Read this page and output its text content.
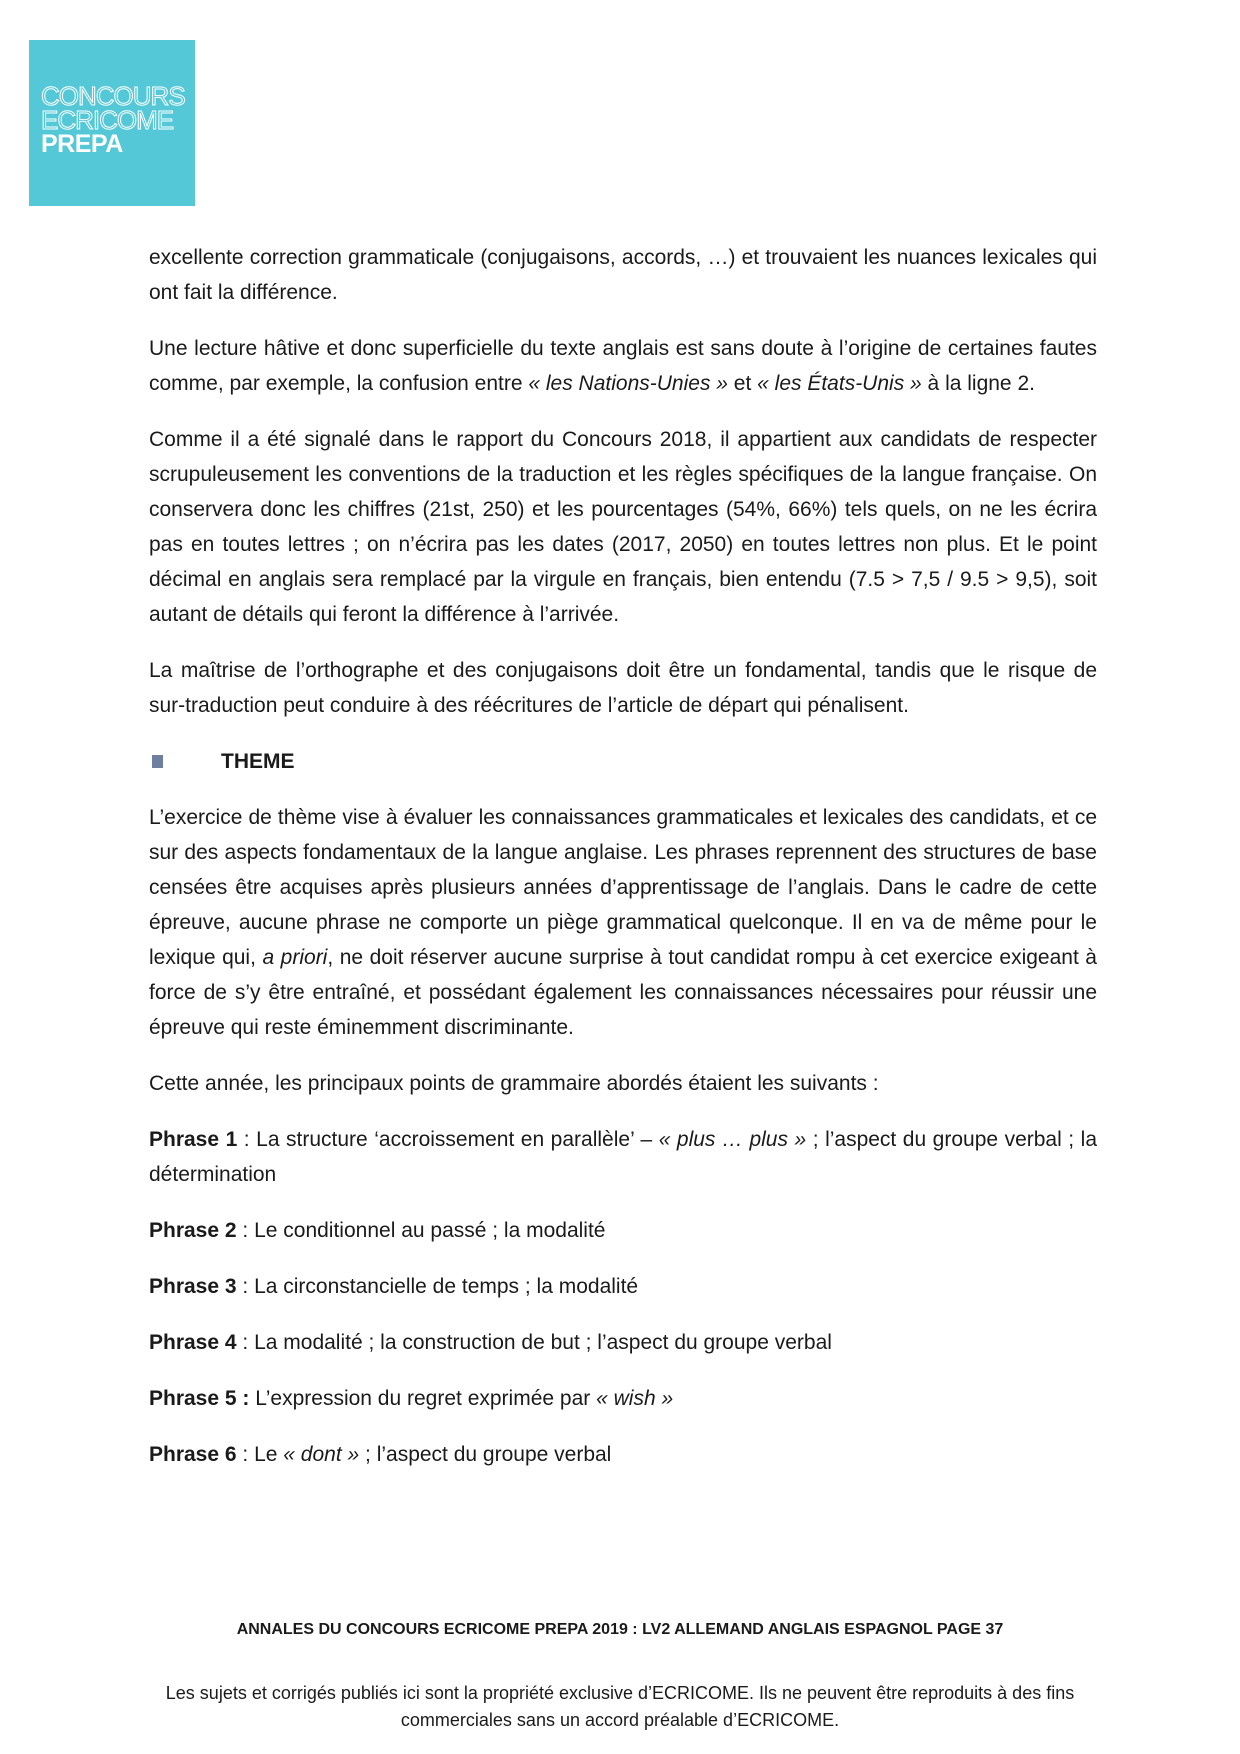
CONCOURS
ECRICOME
PREPA

excellente correction grammaticale (conjugaisons, accords, …) et trouvaient les nuances lexicales qui ont fait la différence.

Une lecture hâtive et donc superficielle du texte anglais est sans doute à l’origine de certaines fautes comme, par exemple, la confusion entre « les Nations-Unies » et « les États-Unis » à la ligne 2.

Comme il a été signalé dans le rapport du Concours 2018, il appartient aux candidats de respecter scrupuleusement les conventions de la traduction et les règles spécifiques de la langue française. On conservera donc les chiffres (21st, 250) et les pourcentages (54%, 66%) tels quels, on ne les écrira pas en toutes lettres ; on n’écrira pas les dates (2017, 2050) en toutes lettres non plus. Et le point décimal en anglais sera remplacé par la virgule en français, bien entendu (7.5 > 7,5 / 9.5 > 9,5), soit autant de détails qui feront la différence à l’arrivée.

La maîtrise de l’orthographe et des conjugaisons doit être un fondamental, tandis que le risque de sur-traduction peut conduire à des réécritures de l’article de départ qui pénalisent.

THEME

L’exercice de thème vise à évaluer les connaissances grammaticales et lexicales des candidats, et ce sur des aspects fondamentaux de la langue anglaise. Les phrases reprennent des structures de base censées être acquises après plusieurs années d’apprentissage de l’anglais. Dans le cadre de cette épreuve, aucune phrase ne comporte un piège grammatical quelconque. Il en va de même pour le lexique qui, a priori, ne doit réserver aucune surprise à tout candidat rompu à cet exercice exigeant à force de s’y être entraîné, et possédant également les connaissances nécessaires pour réussir une épreuve qui reste éminemment discriminante.

Cette année, les principaux points de grammaire abordés étaient les suivants :

Phrase 1 : La structure ‘accroissement en parallèle’ – « plus … plus » ; l’aspect du groupe verbal ; la détermination

Phrase 2 : Le conditionnel au passé ; la modalité

Phrase 3 : La circonstancielle de temps ; la modalité

Phrase 4 : La modalité ; la construction de but ; l’aspect du groupe verbal

Phrase 5 : L’expression du regret exprimée par « wish »

Phrase 6 : Le « dont » ; l’aspect du groupe verbal

ANNALES DU CONCOURS ECRICOME PREPA 2019 : LV2 ALLEMAND ANGLAIS ESPAGNOL PAGE 37
Les sujets et corrigés publiés ici sont la propriété exclusive d’ECRICOME. Ils ne peuvent être reproduits à des fins commerciales sans un accord préalable d’ECRICOME.
